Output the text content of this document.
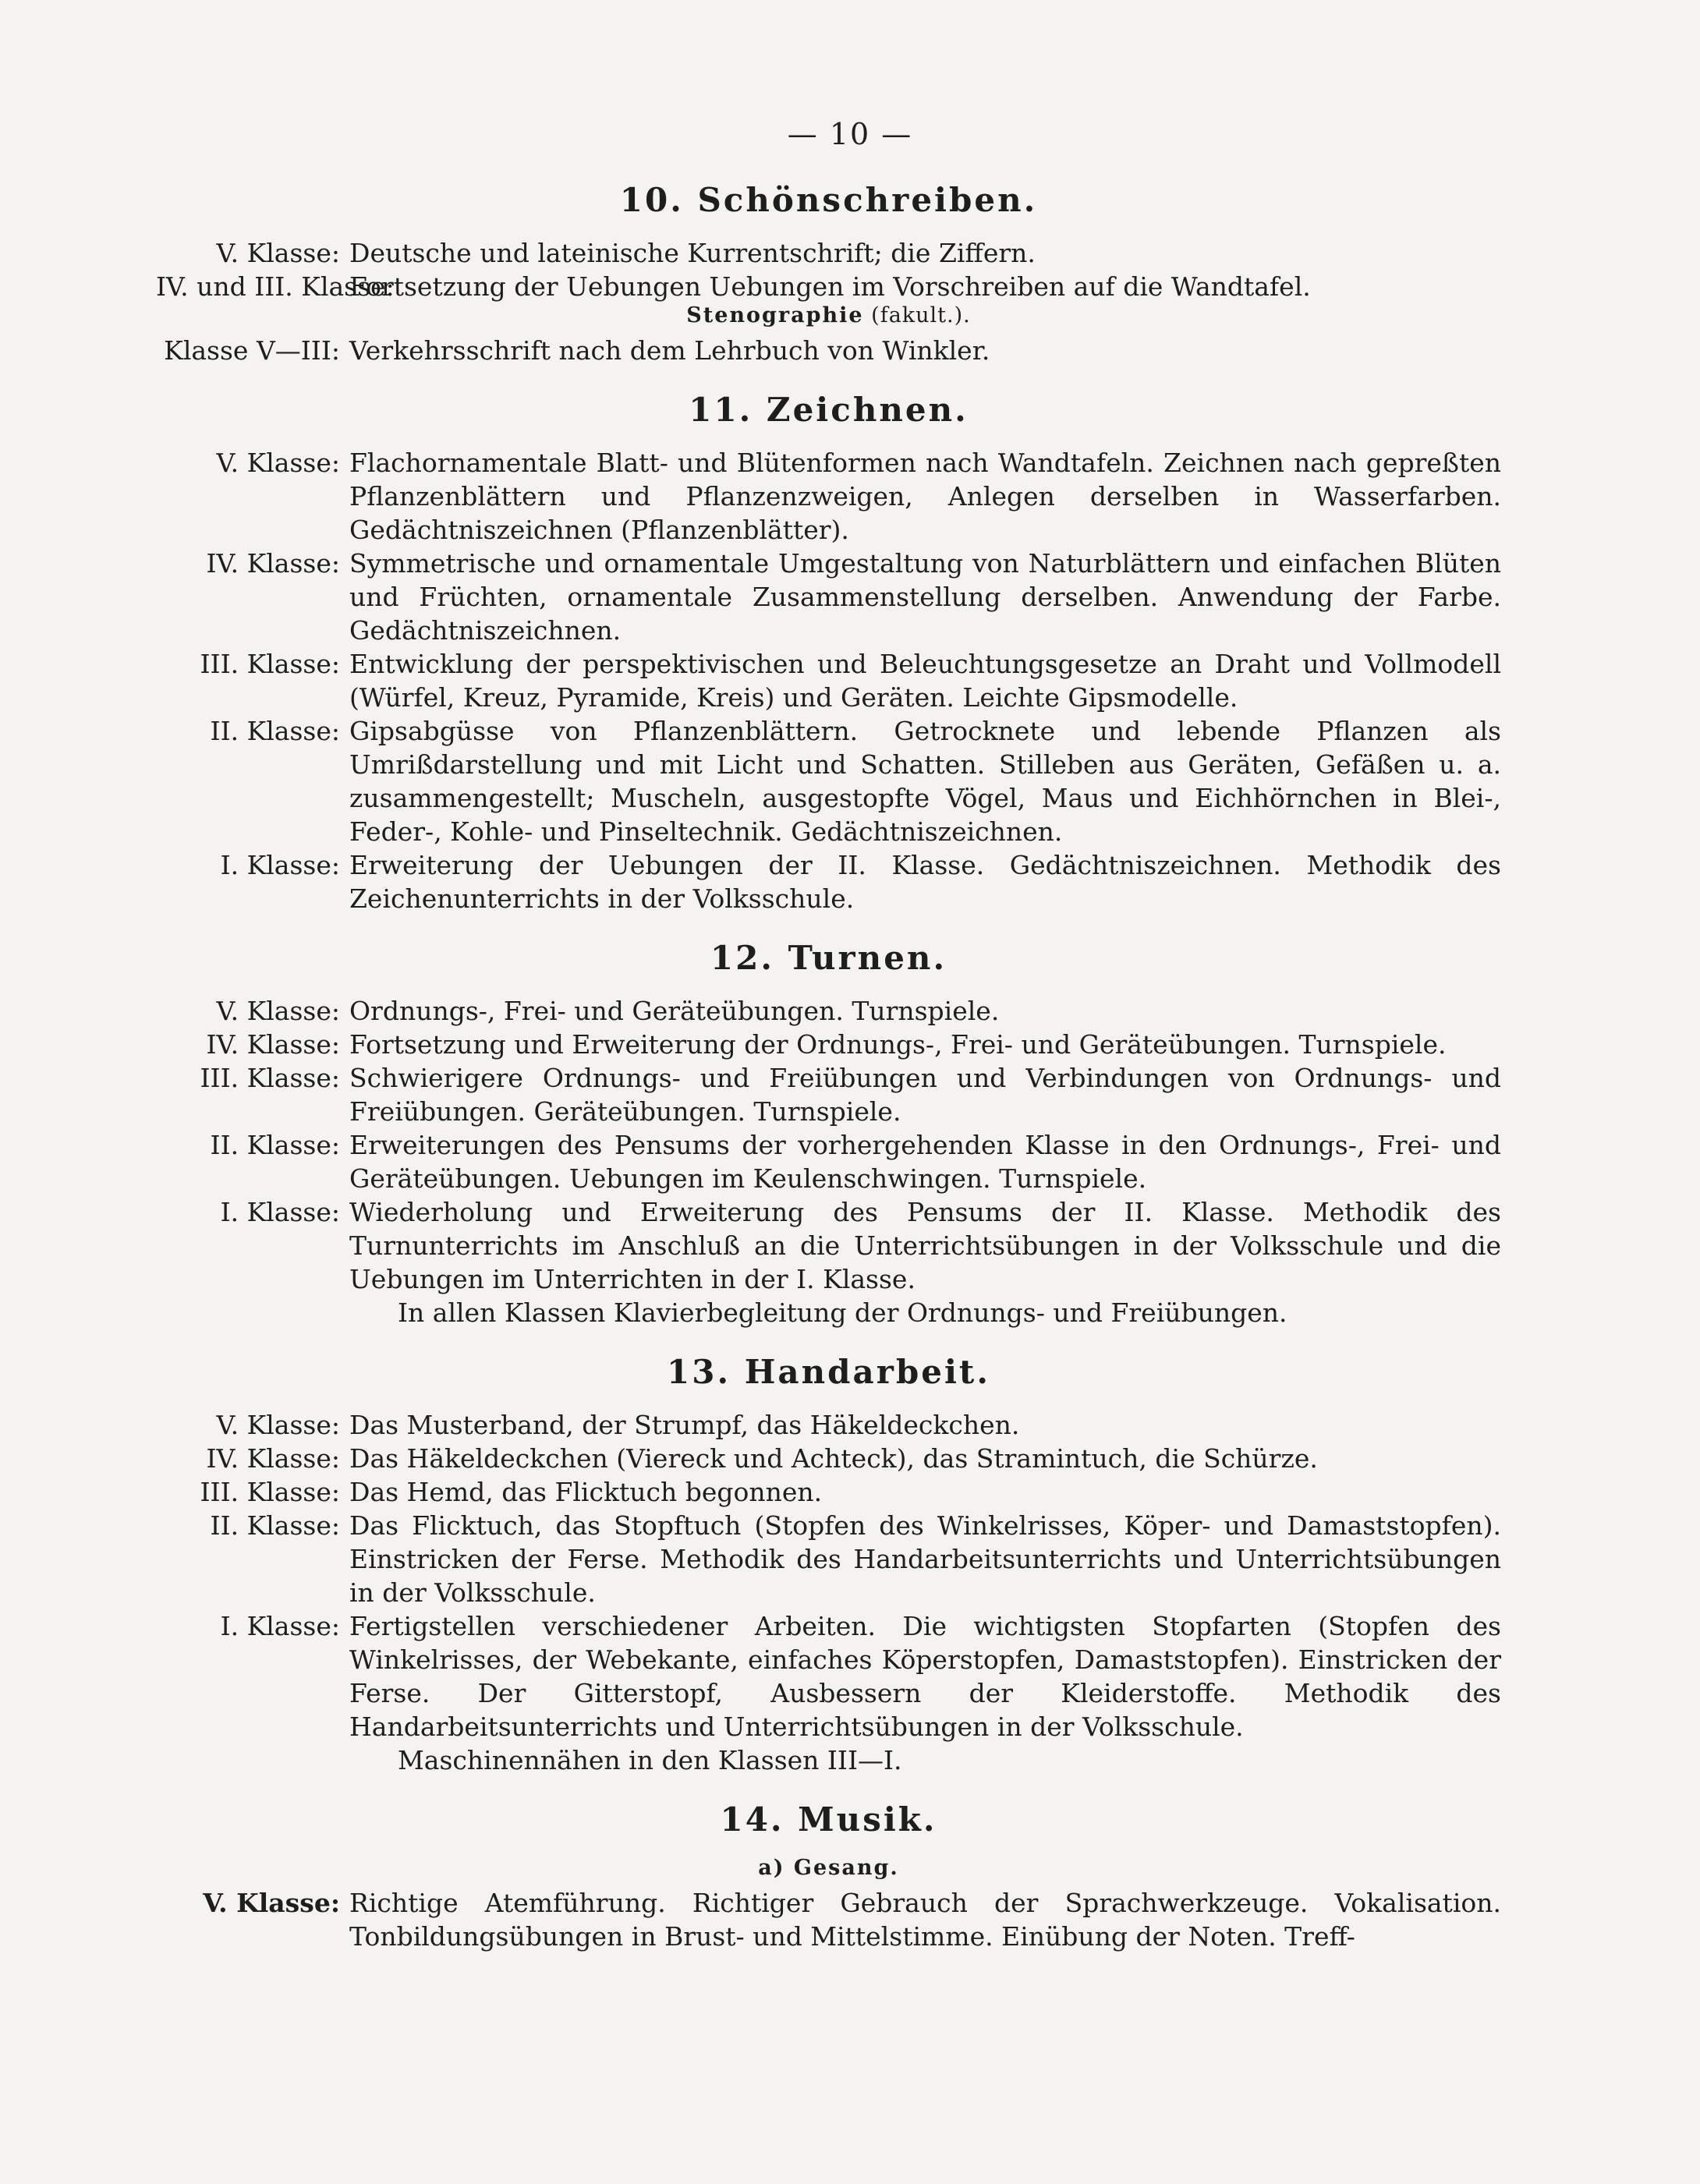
— 10 —
10. Schönschreiben.
V. Klasse: Deutsche und lateinische Kurrentschrift; die Ziffern.
IV. und III. Klasse:
Fortsetzung der Uebungen Uebungen im Vorschreiben auf die Wandtafel.
Stenographie (fakult.).
Klasse V—III: Verkehrsschrift nach dem Lehrbuch von Winkler.
11. Zeichnen.
V. Klasse: Flachornamentale Blatt- und Blütenformen nach Wandtafeln. Zeichnen nach gepreßten Pflanzenblättern und Pflanzenzweigen, Anlegen derselben in Wasserfarben. Gedächtniszeichnen (Pflanzenblätter).
IV. Klasse: Symmetrische und ornamentale Umgestaltung von Naturblättern und einfachen Blüten und Früchten, ornamentale Zusammenstellung derselben. Anwendung der Farbe. Gedächtniszeichnen.
III. Klasse: Entwicklung der perspektivischen und Beleuchtungsgesetze an Draht und Vollmodell (Würfel, Kreuz, Pyramide, Kreis) und Geräten. Leichte Gipsmodelle.
II. Klasse: Gipsabgüsse von Pflanzenblättern. Getrocknete und lebende Pflanzen als Umrißdarstellung und mit Licht und Schatten. Stilleben aus Geräten, Gefäßen u. a. zusammengestellt; Muscheln, ausgestopfte Vögel, Maus und Eichhörnchen in Blei-, Feder-, Kohle- und Pinseltechnik. Gedächtniszeichnen.
I. Klasse: Erweiterung der Uebungen der II. Klasse. Gedächtniszeichnen. Methodik des Zeichenunterrichts in der Volksschule.
12. Turnen.
V. Klasse: Ordnungs-, Frei- und Geräteübungen. Turnspiele.
IV. Klasse: Fortsetzung und Erweiterung der Ordnungs-, Frei- und Geräteübungen. Turnspiele.
III. Klasse: Schwierigere Ordnungs- und Freiübungen und Verbindungen von Ordnungs- und Freiübungen. Geräteübungen. Turnspiele.
II. Klasse: Erweiterungen des Pensums der vorhergehenden Klasse in den Ordnungs-, Frei- und Geräteübungen. Uebungen im Keulenschwingen. Turnspiele.
I. Klasse: Wiederholung und Erweiterung des Pensums der II. Klasse. Methodik des Turnunterrichts im Anschluß an die Unterrichtsübungen in der Volksschule und die Uebungen im Unterrichten in der I. Klasse.
In allen Klassen Klavierbegleitung der Ordnungs- und Freiübungen.
13. Handarbeit.
V. Klasse: Das Musterband, der Strumpf, das Häkeldeckchen.
IV. Klasse: Das Häkeldeckchen (Viereck und Achteck), das Stramintuch, die Schürze.
III. Klasse: Das Hemd, das Flicktuch begonnen.
II. Klasse: Das Flicktuch, das Stopftuch (Stopfen des Winkelrisses, Köper- und Damaststopfen). Einstricken der Ferse. Methodik des Handarbeitsunterrichts und Unterrichtsübungen in der Volksschule.
I. Klasse: Fertigstellen verschiedener Arbeiten. Die wichtigsten Stopfarten (Stopfen des Winkelrisses, der Webekante, einfaches Köperstopfen, Damaststopfen). Einstricken der Ferse. Der Gitterstopf, Ausbessern der Kleiderstoffe. Methodik des Handarbeitsunterrichts und Unterrichtsübungen in der Volksschule.
Maschinennähen in den Klassen III—I.
14. Musik.
a) Gesang.
V. Klasse: Richtige Atemführung. Richtiger Gebrauch der Sprachwerkzeuge. Vokalisation. Tonbildungsübungen in Brust- und Mittelstimme. Einübung der Noten. Treff-
